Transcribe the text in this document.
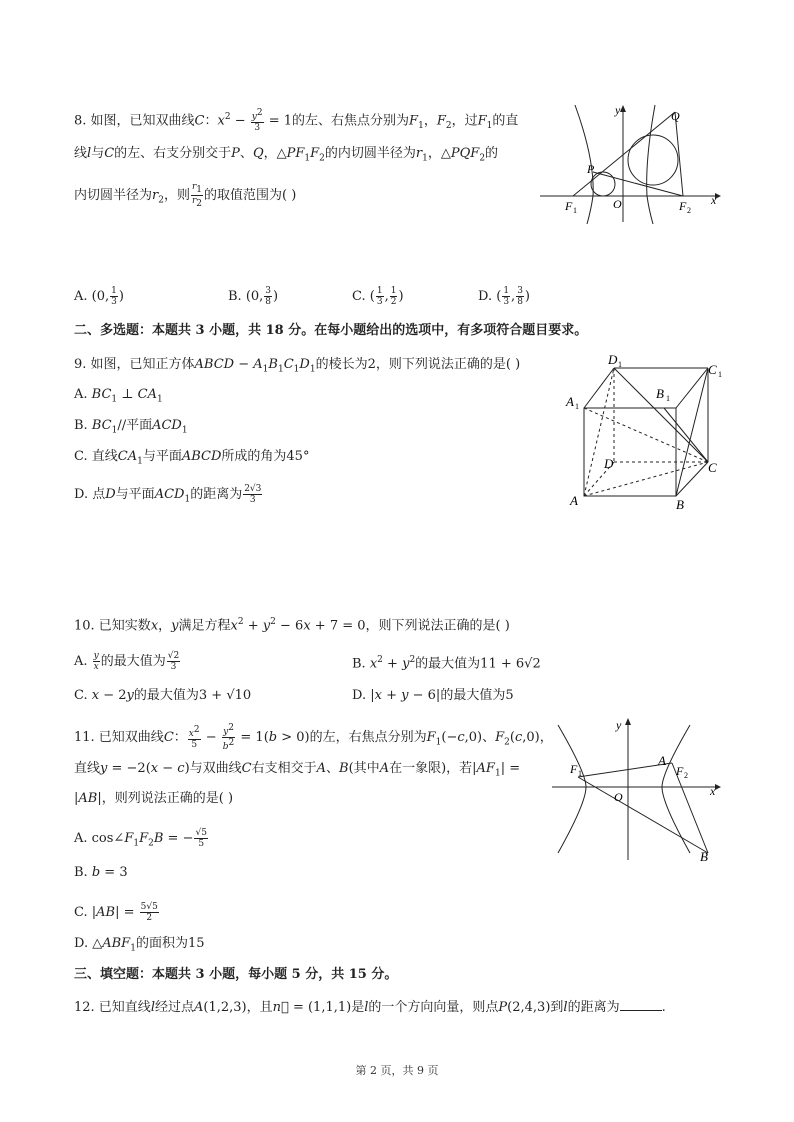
8. 如图，已知双曲线C：$x^2 - \frac{y^2}{3} = 1$的左、右焦点分别为$F_1$，$F_2$，过$F_1$的直
线l与C的左、右支分别交于P、Q，$\triangle PF_1F_2$的内切圆半径为$r_1$，$\triangle PQF_2$的
内切圆半径为$r_2$，则 $\frac{r_1}{r_2}$ 的取值范围为( )
y	Q
P
F 1	O	F 2
x
A. (0, $\frac{1}{3}$ )	B. (0, $\frac{3}{8}$ )	C. ( $\frac{1}{3}$ , $\frac{1}{2}$ )	D. ( $\frac{1}{3}$ , $\frac{3}{8}$ )
二、多选题：本题共 3 小题，共 18 分。在每小题给出的选项中，有多项符合题目要求。
9. 如图，已知正方体ABCD − $A_1B_1C_1D_1$的棱长为2，则下列说法正确的是( )
A. $BC_1$ ⊥ $CA_1$
B. $BC_1//$平面$ACD_1$
C. 直线$CA_1$与平面ABCD所成的角为45°
D. 点D与平面$ACD_1$的距离为 $\frac{2√3}{3}$
D 1	C 1
A 1
B 1
D	C
A	B
10. 已知实数x，y满足方程$x^2 + y^2 - 6x + 7 = 0$，则下列说法正确的是( )
A. $\frac{y}{x}$ 的最大值为 $\frac{√2}{3}$	B. $x^2 + y^2$的最大值为11 + 6√2
C. x − 2y的最大值为3 + √10	D. |x + y − 6|的最大值为5
11. 已知双曲线C： $\frac{x^2}{5} - \frac{y^2}{b^2} = 1(b > 0)$的左，右焦点分别为$F_1(-c,0)$、$F_2(c,0)$，
直线y = −2(x − c)与双曲线C右支相交于A、B(其中A在一象限)，若$|AF_1|$ =
|AB|，则列说法正确的是( )
A. $\cos\angle F_1F_2B$ = − $\frac{√5}{5}$
B. b = 3
C. $|AB| = \frac{5√5}{2}$
D. $\triangle ABF_1$的面积为15
y
A
F 1	F 2
O	x
B
三、填空题：本题共 3 小题，每小题 5 分，共 15 分。
12. 已知直线l经过点A(1,2,3)，且n⃗ = (1,1,1)是l的一个方向向量，则点P(2,4,3)到l的距离为	.
第 2 页，共 9 页
